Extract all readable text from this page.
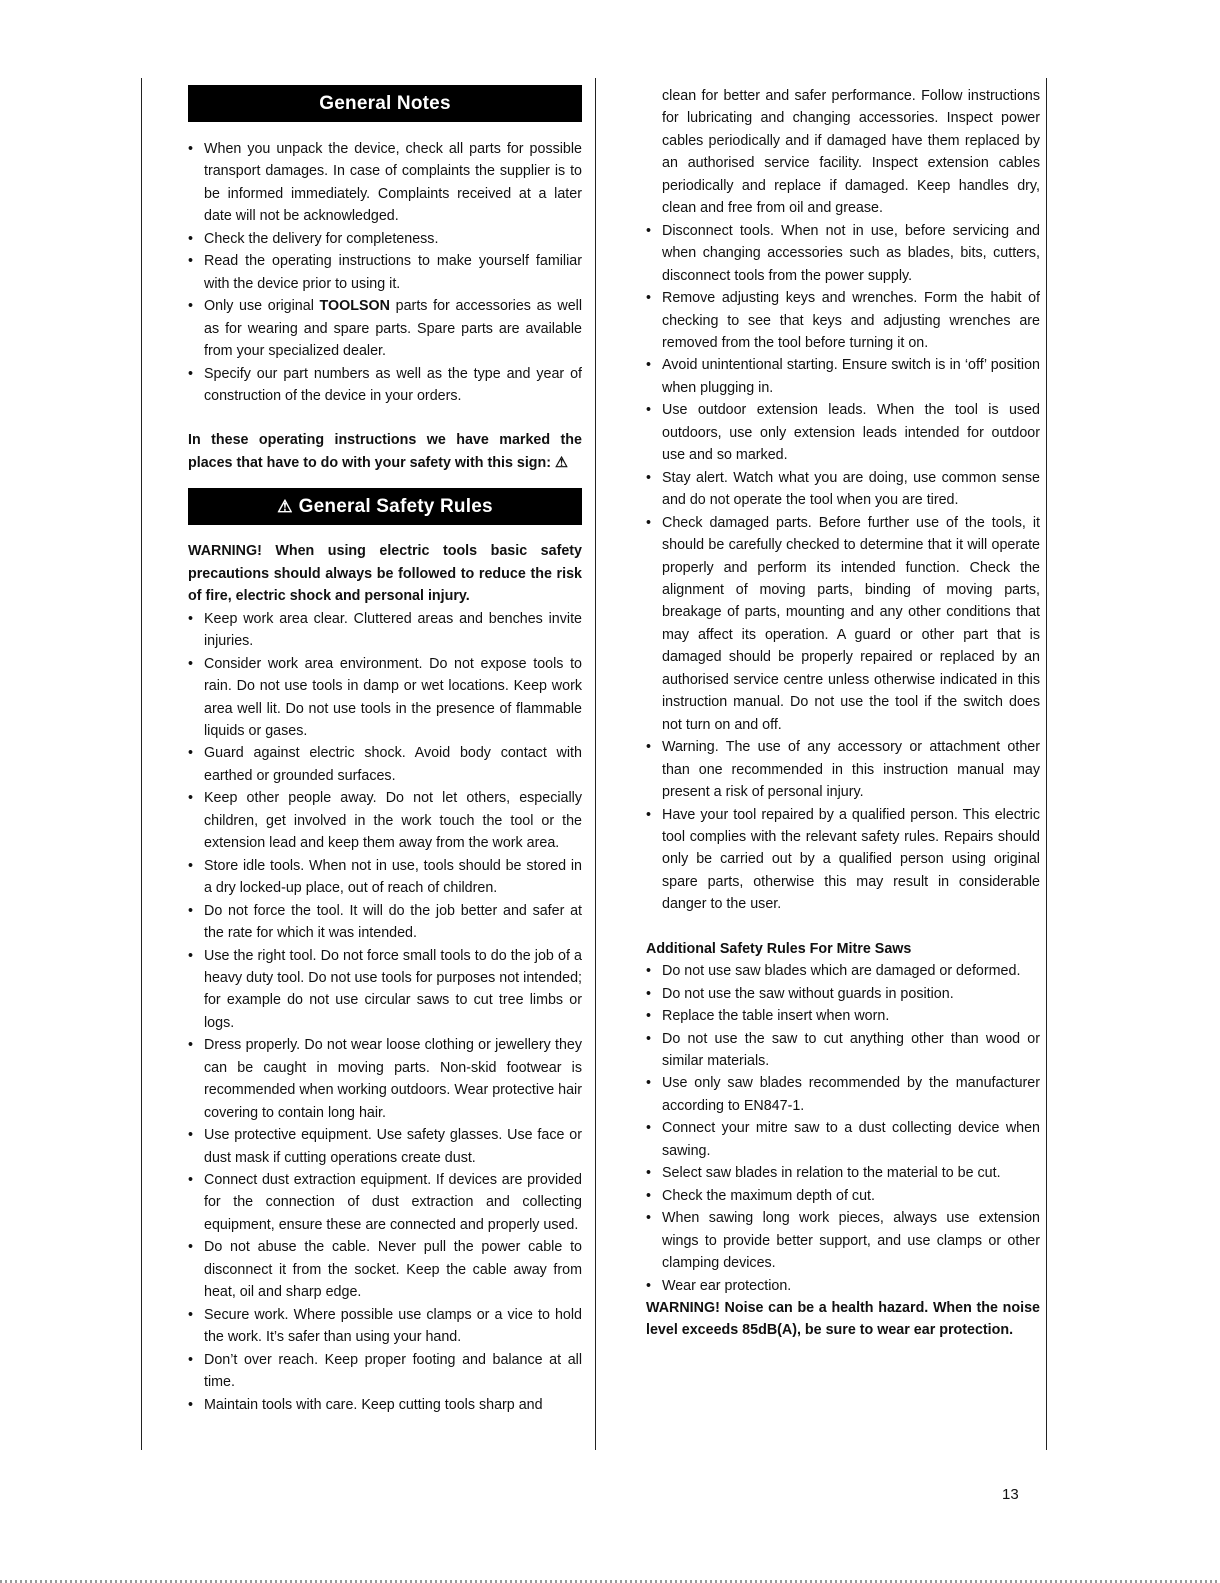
General Notes
• When you unpack the device, check all parts for possible transport damages. In case of complaints the supplier is to be informed immediately. Complaints received at a later date will not be acknowledged.
• Check the delivery for completeness.
• Read the operating instructions to make yourself familiar with the device prior to using it.
• Only use original TOOLSON parts for accessories as well as for wearing and spare parts. Spare parts are available from your specialized dealer.
• Specify our part numbers as well as the type and year of construction of the device in your orders.

In these operating instructions we have marked the places that have to do with your safety with this sign: ⚠

⚠ General Safety Rules

WARNING! When using electric tools basic safety precautions should always be followed to reduce the risk of fire, electric shock and personal injury.

• Keep work area clear. Cluttered areas and benches invite injuries.
• Consider work area environment. Do not expose tools to rain. Do not use tools in damp or wet locations. Keep work area well lit. Do not use tools in the presence of flammable liquids or gases.
• Guard against electric shock. Avoid body contact with earthed or grounded surfaces.
• Keep other people away. Do not let others, especially children, get involved in the work touch the tool or the extension lead and keep them away from the work area.
• Store idle tools. When not in use, tools should be stored in a dry locked-up place, out of reach of children.
• Do not force the tool. It will do the job better and safer at the rate for which it was intended.
• Use the right tool. Do not force small tools to do the job of a heavy duty tool. Do not use tools for purposes not intended; for example do not use circular saws to cut tree limbs or logs.
• Dress properly. Do not wear loose clothing or jewellery they can be caught in moving parts. Non-skid footwear is recommended when working outdoors. Wear protective hair covering to contain long hair.
• Use protective equipment. Use safety glasses. Use face or dust mask if cutting operations create dust.
• Connect dust extraction equipment. If devices are provided for the connection of dust extraction and collecting equipment, ensure these are connected and properly used.
• Do not abuse the cable. Never pull the power cable to disconnect it from the socket. Keep the cable away from heat, oil and sharp edge.
• Secure work. Where possible use clamps or a vice to hold the work. It’s safer than using your hand.
• Don’t over reach. Keep proper footing and balance at all time.
• Maintain tools with care. Keep cutting tools sharp and

clean for better and safer performance. Follow instructions for lubricating and changing accessories. Inspect power cables periodically and if damaged have them replaced by an authorised service facility. Inspect extension cables periodically and replace if damaged. Keep handles dry, clean and free from oil and grease.

• Disconnect tools. When not in use, before servicing and when changing accessories such as blades, bits, cutters, disconnect tools from the power supply.
• Remove adjusting keys and wrenches. Form the habit of checking to see that keys and adjusting wrenches are removed from the tool before turning it on.
• Avoid unintentional starting. Ensure switch is in ‘off’ position when plugging in.
• Use outdoor extension leads. When the tool is used outdoors, use only extension leads intended for outdoor use and so marked.
• Stay alert. Watch what you are doing, use common sense and do not operate the tool when you are tired.
• Check damaged parts. Before further use of the tools, it should be carefully checked to determine that it will operate properly and perform its intended function. Check the alignment of moving parts, binding of moving parts, breakage of parts, mounting and any other conditions that may affect its operation. A guard or other part that is damaged should be properly repaired or replaced by an authorised service centre unless otherwise indicated in this instruction manual. Do not use the tool if the switch does not turn on and off.
• Warning. The use of any accessory or attachment other than one recommended in this instruction manual may present a risk of personal injury.
• Have your tool repaired by a qualified person. This electric tool complies with the relevant safety rules. Repairs should only be carried out by a qualified person using original spare parts, otherwise this may result in considerable danger to the user.

Additional Safety Rules For Mitre Saws

• Do not use saw blades which are damaged or deformed.
• Do not use the saw without guards in position.
• Replace the table insert when worn.
• Do not use the saw to cut anything other than wood or similar materials.
• Use only saw blades recommended by the manufacturer according to EN847-1.
• Connect your mitre saw to a dust collecting device when sawing.
• Select saw blades in relation to the material to be cut.
• Check the maximum depth of cut.
• When sawing long work pieces, always use extension wings to provide better support, and use clamps or other clamping devices.
• Wear ear protection.

WARNING! Noise can be a health hazard. When the noise level exceeds 85dB(A), be sure to wear ear protection.

13
